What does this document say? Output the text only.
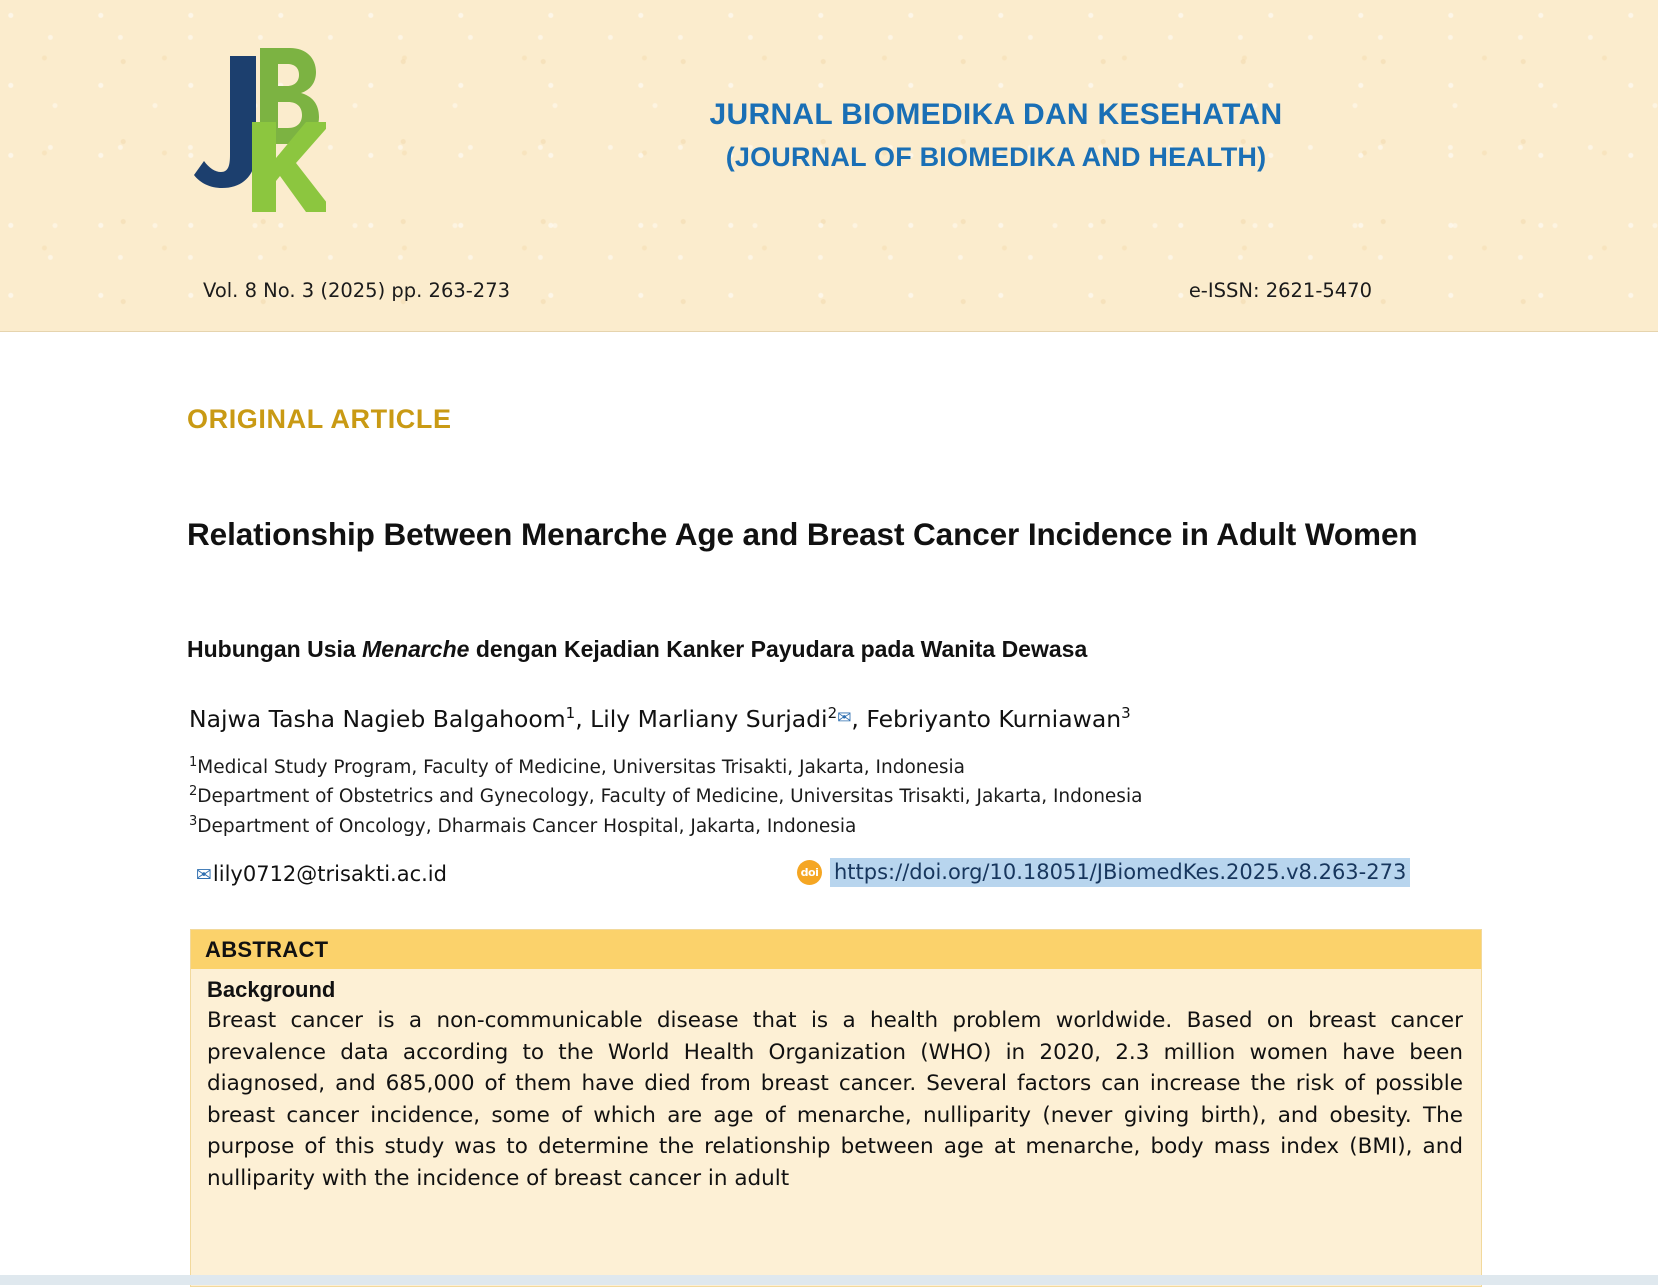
JURNAL BIOMEDIKA DAN KESEHATAN
(JOURNAL OF BIOMEDIKA AND HEALTH)
Vol. 8 No. 3 (2025) pp. 263-273	e-ISSN: 2621-5470
ORIGINAL ARTICLE
Relationship Between Menarche Age and Breast Cancer Incidence in Adult Women
Hubungan Usia Menarche dengan Kejadian Kanker Payudara pada Wanita Dewasa
Najwa Tasha Nagieb Balgahoom$^1$, Lily Marliany Surjadi$^2$✉, Febriyanto Kurniawan$^3$
$^1$Medical Study Program, Faculty of Medicine, Universitas Trisakti, Jakarta, Indonesia
$^2$Department of Obstetrics and Gynecology, Faculty of Medicine, Universitas Trisakti, Jakarta, Indonesia
$^3$Department of Oncology, Dharmais Cancer Hospital, Jakarta, Indonesia
✉lily0712@trisakti.ac.id	doi https://doi.org/10.18051/JBiomedKes.2025.v8.263-273
ABSTRACT
Background

Breast cancer is a non-communicable disease that is a health problem worldwide. Based on breast cancer prevalence data according to the World Health Organization (WHO) in 2020, 2.3 million women have been diagnosed, and 685,000 of them have died from breast cancer. Several factors can increase the risk of possible breast cancer incidence, some of which are age of menarche, nulliparity (never giving birth), and obesity. The purpose of this study was to determine the relationship between age at menarche, body mass index (BMI), and nulliparity with the incidence of breast cancer in adult
